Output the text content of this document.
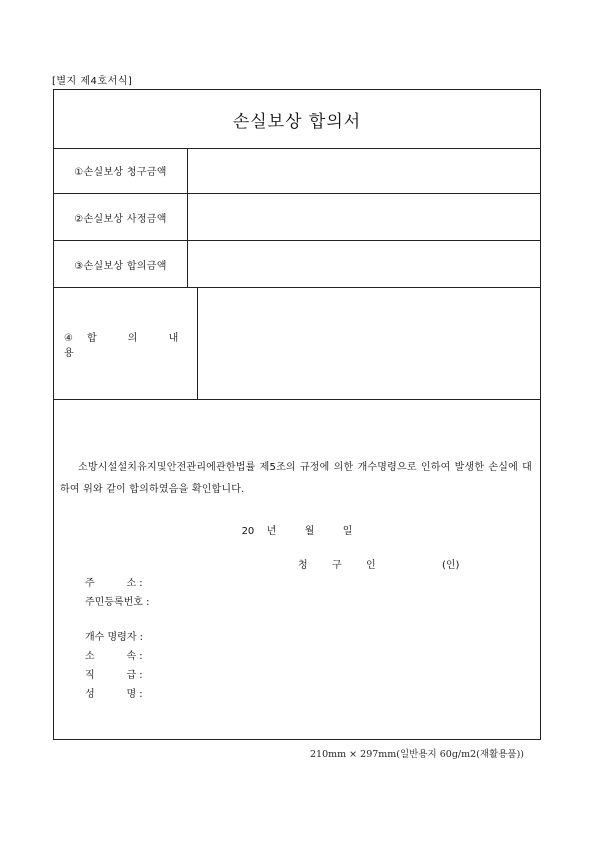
[별지 제4호서식]
손실보상 합의서
①손실보상 청구금액
②손실보상 사정금액
③손실보상 합의금액
④합 의 내 용
소방시설설치유지및안전관리에관한법률 제5조의 규정에 의한 개수명령으로 인하여 발생한 손실에 대하여 위와 같이 합의하였음을 확인합니다.
20 년	월	일
청  구  인	(인)
주          소 :
주민등록번호 :
개수 명령자 :
소          속 :
직          급 :
성          명 :
210mm × 297mm(일반용지 60g/m2(재활용품))
